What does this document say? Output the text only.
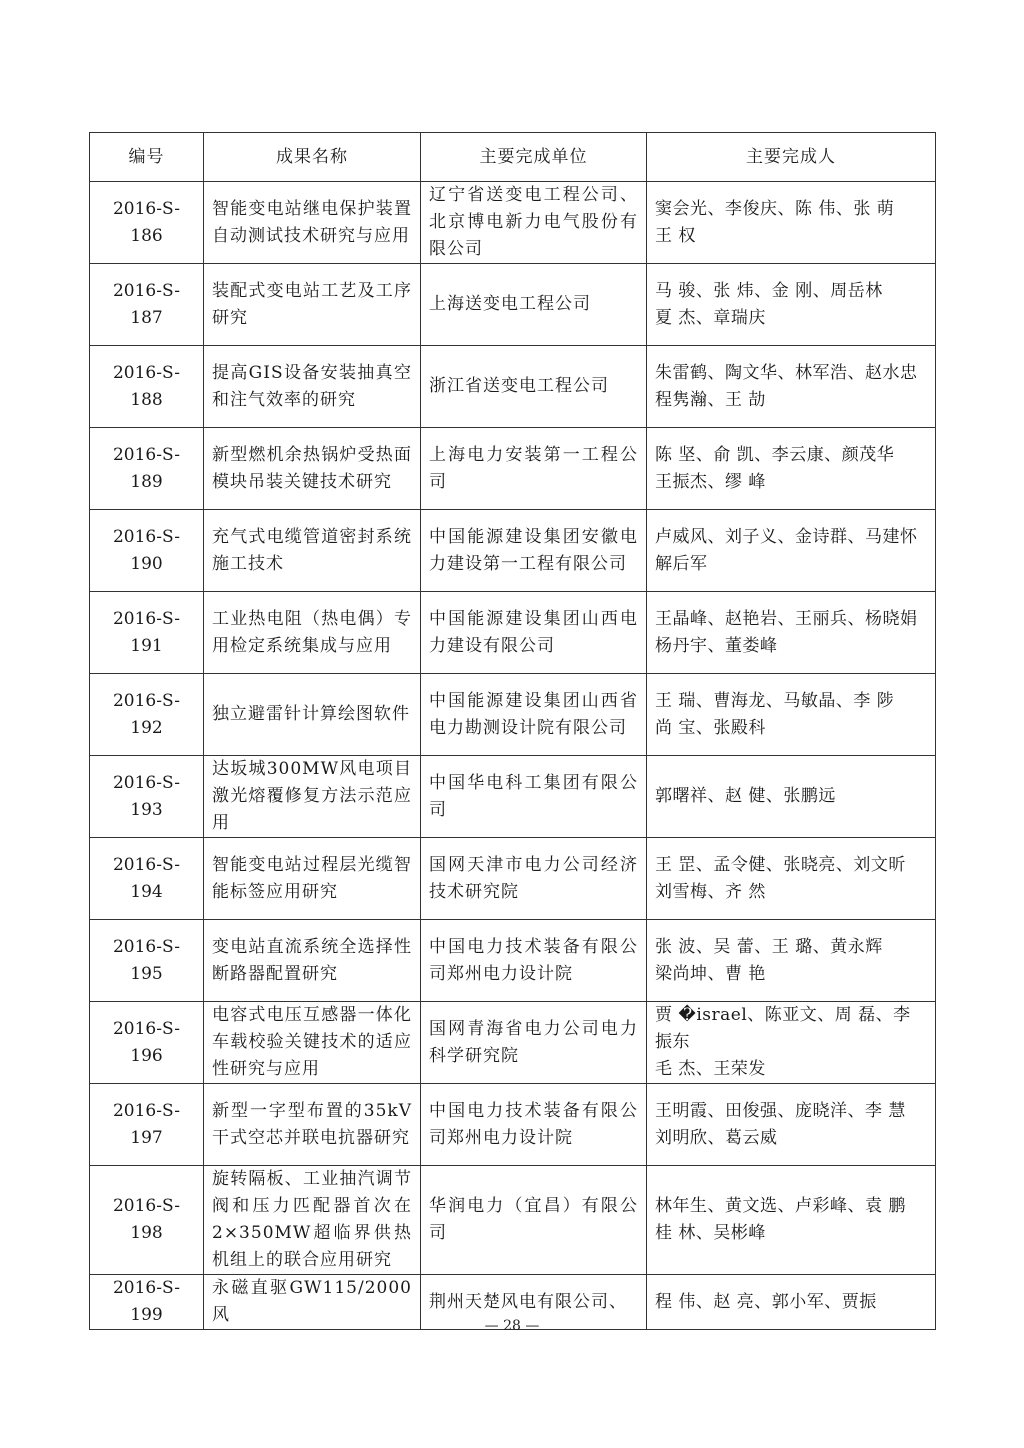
编号	成果名称	主要完成单位	主要完成人
2016-S-186	智能变电站继电保护装置自动测试技术研究与应用	辽宁省送变电工程公司、北京博电新力电气股份有限公司	窦会光、李俊庆、陈 伟、张 萌
王 权

2016-S-187	装配式变电站工艺及工序研究	上海送变电工程公司	马 骏、张 炜、金 刚、周岳林
夏 杰、章瑞庆

2016-S-188	提高GIS设备安装抽真空和注气效率的研究	浙江省送变电工程公司	朱雷鹤、陶文华、林军浩、赵水忠
程隽瀚、王 劼

2016-S-189	新型燃机余热锅炉受热面模块吊装关键技术研究	上海电力安装第一工程公司	陈 坚、俞 凯、李云康、颜茂华
王振杰、缪 峰

2016-S-190	充气式电缆管道密封系统施工技术	中国能源建设集团安徽电力建设第一工程有限公司	卢威风、刘子义、金诗群、马建怀
解后军

2016-S-191	工业热电阻（热电偶）专用检定系统集成与应用	中国能源建设集团山西电力建设有限公司	王晶峰、赵艳岩、王丽兵、杨晓娟
杨丹宇、董娄峰

2016-S-192	独立避雷针计算绘图软件	中国能源建设集团山西省电力勘测设计院有限公司	王 瑞、曹海龙、马敏晶、李 陟
尚 宝、张殿科

2016-S-193	达坂城300MW风电项目激光熔覆修复方法示范应用	中国华电科工集团有限公司	郭曙祥、赵 健、张鹏远

2016-S-194	智能变电站过程层光缆智能标签应用研究	国网天津市电力公司经济技术研究院	王 罡、孟令健、张晓亮、刘文昕
刘雪梅、齐 然

2016-S-195	变电站直流系统全选择性断路器配置研究	中国电力技术装备有限公司郑州电力设计院	张 波、吴 蕾、王 璐、黄永辉
梁尚坤、曹 艳

2016-S-196	电容式电压互感器一体化车载校验关键技术的适应性研究与应用	国网青海省电力公司电力科学研究院	贾 �israel、陈亚文、周 磊、李振东
毛 杰、王荣发

2016-S-197	新型一字型布置的35kV干式空芯并联电抗器研究	中国电力技术装备有限公司郑州电力设计院	王明霞、田俊强、庞晓洋、李 慧
刘明欣、葛云威

2016-S-198	旋转隔板、工业抽汽调节阀和压力匹配器首次在2×350MW超临界供热机组上的联合应用研究	华润电力（宜昌）有限公司	林年生、黄文选、卢彩峰、袁 鹏
桂 林、吴彬峰

2016-S-199	永磁直驱GW115/2000风	荆州天楚风电有限公司、	程 伟、赵 亮、郭小军、贾振
— 28 —
